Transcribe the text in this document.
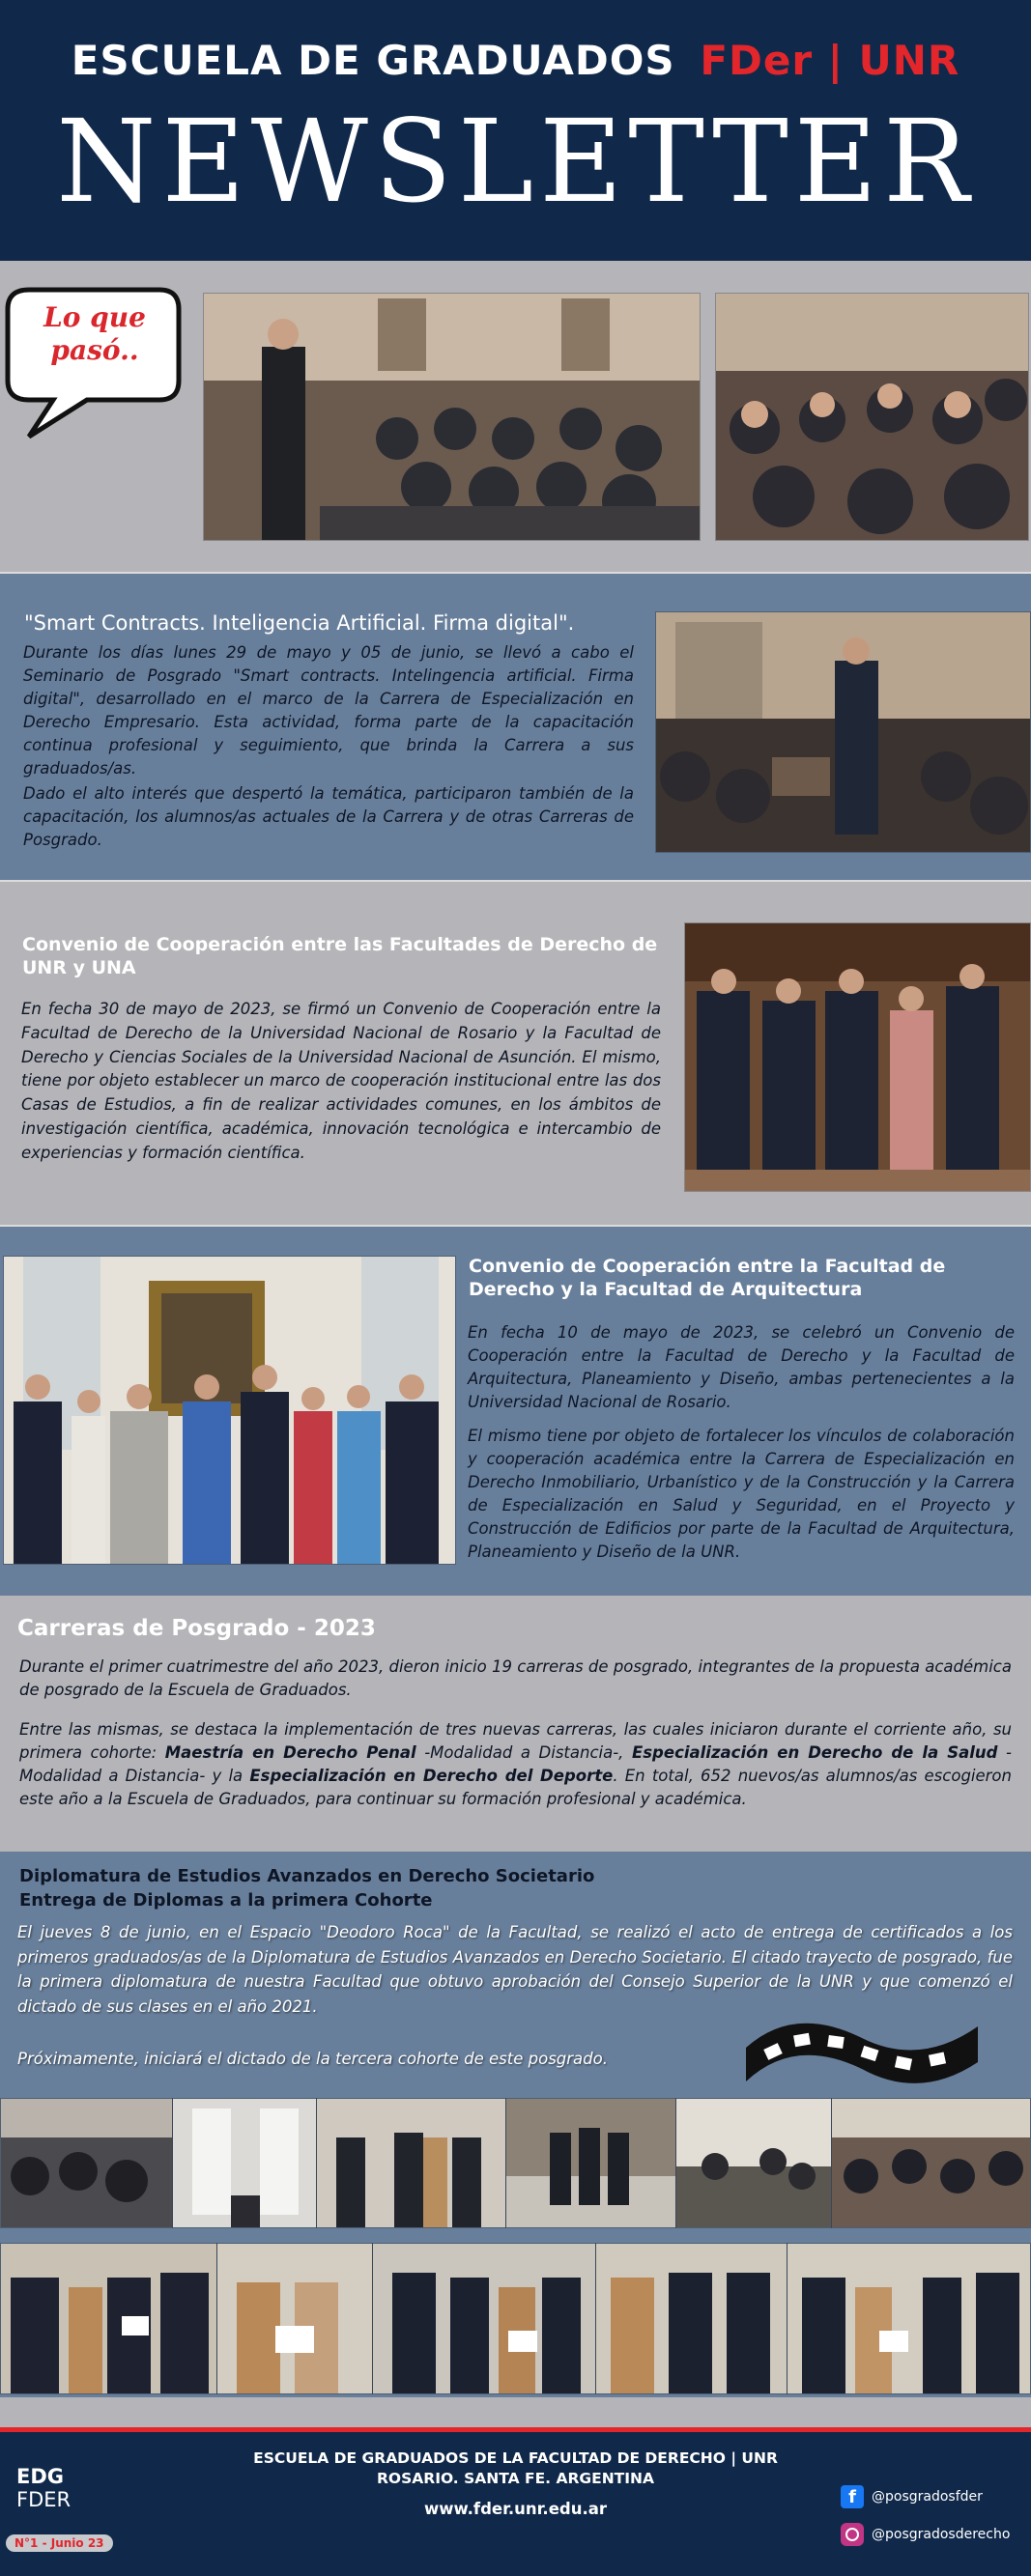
ESCUELA DE GRADUADOS FDer | UNR
NEWSLETTER
Lo que
pasó..
"Smart Contracts. Inteligencia Artificial. Firma digital".
Durante los días lunes 29 de mayo y 05 de junio, se llevó a cabo el Seminario de Posgrado "Smart contracts. Intelingencia artificial. Firma digital", desarrollado en el marco de la Carrera de Especialización en Derecho Empresario. Esta actividad, forma parte de la capacitación continua profesional y seguimiento, que brinda la Carrera a sus graduados/as.
Dado el alto interés que despertó la temática, participaron también de la capacitación, los alumnos/as actuales de la Carrera y de otras Carreras de Posgrado.
Convenio de Cooperación entre las Facultades de Derecho de UNR y UNA
En fecha 30 de mayo de 2023, se firmó un Convenio de Cooperación entre la Facultad de Derecho de la Universidad Nacional de Rosario y la Facultad de Derecho y Ciencias Sociales de la Universidad Nacional de Asunción. El mismo, tiene por objeto establecer un marco de cooperación institucional entre las dos Casas de Estudios, a fin de realizar actividades comunes, en los ámbitos de investigación científica, académica, innovación tecnológica e intercambio de experiencias y formación científica.
Convenio de Cooperación entre la Facultad de Derecho y la Facultad de Arquitectura
En fecha 10 de mayo de 2023, se celebró un Convenio de Cooperación entre la Facultad de Derecho y la Facultad de Arquitectura, Planeamiento y Diseño, ambas pertenecientes a la Universidad Nacional de Rosario.
El mismo tiene por objeto de fortalecer los vínculos de colaboración y cooperación académica entre la Carrera de Especialización en Derecho Inmobiliario, Urbanístico y de la Construcción y la Carrera de Especialización en Salud y Seguridad, en el Proyecto y Construcción de Edificios por parte de la Facultad de Arquitectura, Planeamiento y Diseño de la UNR.
Carreras de Posgrado - 2023
Durante el primer cuatrimestre del año 2023, dieron inicio 19 carreras de posgrado, integrantes de la propuesta académica de posgrado de la Escuela de Graduados.
Entre las mismas, se destaca la implementación de tres nuevas carreras, las cuales iniciaron durante el corriente año, su primera cohorte: Maestría en Derecho Penal -Modalidad a Distancia-, Especialización en Derecho de la Salud -Modalidad a Distancia- y la Especialización en Derecho del Deporte. En total, 652 nuevos/as alumnos/as escogieron este año a la Escuela de Graduados, para continuar su formación profesional y académica.
Diplomatura de Estudios Avanzados en Derecho Societario
Entrega de Diplomas a la primera Cohorte
El jueves 8 de junio, en el Espacio "Deodoro Roca" de la Facultad, se realizó el acto de entrega de certificados a los primeros graduados/as de la Diplomatura de Estudios Avanzados en Derecho Societario. El citado trayecto de posgrado, fue la primera diplomatura de nuestra Facultad que obtuvo aprobación del Consejo Superior de la UNR y que comenzó el dictado de sus clases en el año 2021.
Próximamente, iniciará el dictado de la tercera cohorte de este posgrado.
ESCUELA DE GRADUADOS DE LA FACULTAD DE DERECHO | UNR
ROSARIO. SANTA FE. ARGENTINA
www.fder.unr.edu.ar
EDG
FDER
N°1 - Junio 23
f	@posgradosfder
@posgradosderecho
